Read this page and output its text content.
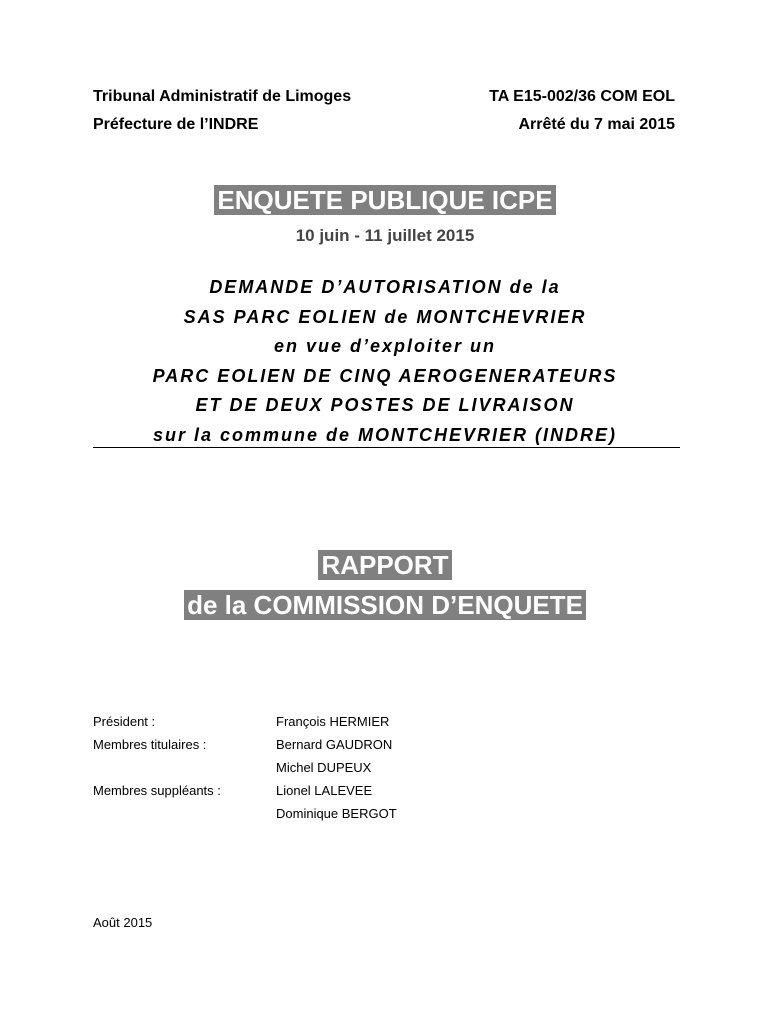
Tribunal Administratif de Limoges
Préfecture de l’INDRE
TA E15-002/36 COM EOL
Arrêté du 7 mai 2015
ENQUETE PUBLIQUE ICPE
10 juin - 11 juillet 2015
DEMANDE D’AUTORISATION de la
SAS PARC EOLIEN de MONTCHEVRIER
en vue d’exploiter un
PARC EOLIEN DE CINQ AEROGENERATEURS
ET DE DEUX POSTES DE LIVRAISON
sur la commune de MONTCHEVRIER (INDRE)
RAPPORT
de la COMMISSION D’ENQUETE
Président :	François HERMIER
Membres titulaires :	Bernard GAUDRON
Michel DUPEUX
Membres suppléants :	Lionel LALEVEE
Dominique BERGOT
Août 2015
